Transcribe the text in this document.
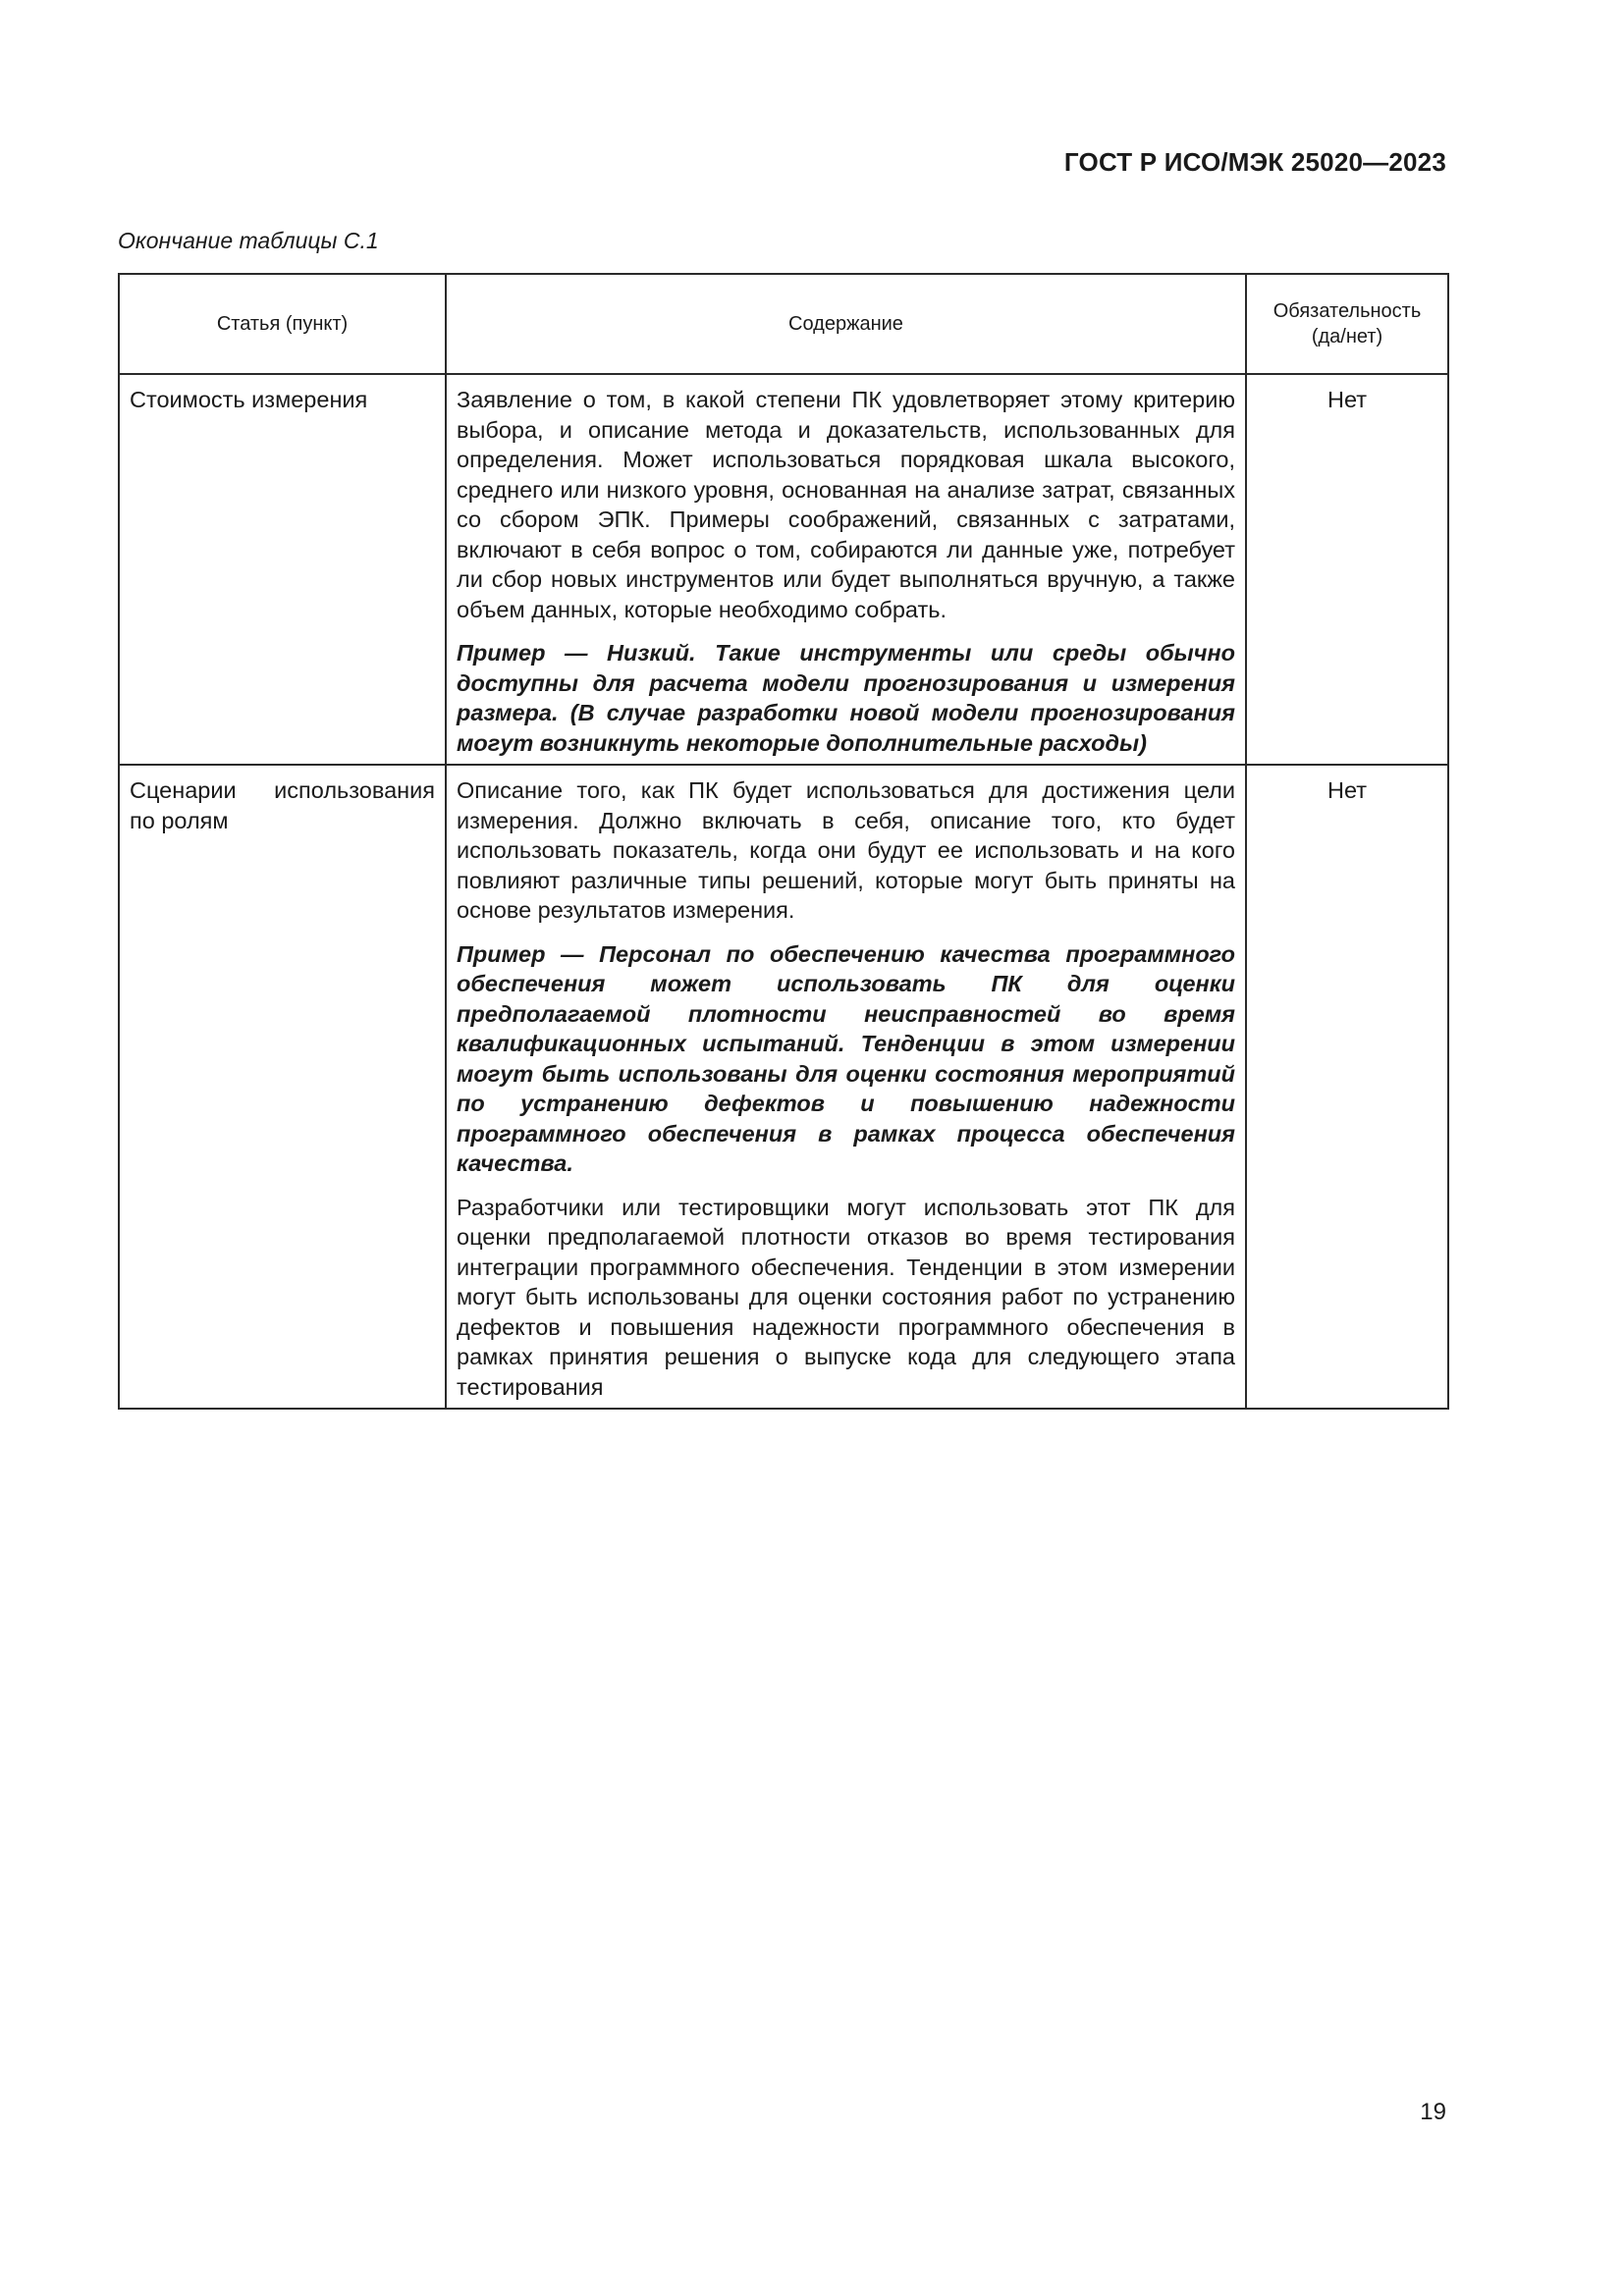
ГОСТ Р ИСО/МЭК 25020—2023
Окончание таблицы С.1
Статья (пункт)	Содержание	Обязательность (да/нет)
Стоимость измерения	Заявление о том, в какой степени ПК удовлетворяет этому критерию выбора, и описание метода и доказательств, использованных для определения. Может использоваться порядковая шкала высокого, среднего или низкого уровня, основанная на анализе затрат, связанных со сбором ЭПК. Примеры соображений, связанных с затратами, включают в себя вопрос о том, собираются ли данные уже, потребует ли сбор новых инструментов или будет выполняться вручную, а также объем данных, которые необходимо собрать.

Пример — Низкий. Такие инструменты или среды обычно доступны для расчета модели прогнозирования и измерения размера. (В случае разработки новой модели прогнозирования могут возникнуть некоторые дополнительные расходы)	Нет
Сценарии использования по ролям	Описание того, как ПК будет использоваться для достижения цели измерения. Должно включать в себя, описание того, кто будет использовать показатель, когда они будут ее использовать и на кого повлияют различные типы решений, которые могут быть приняты на основе результатов измерения.

Пример — Персонал по обеспечению качества программного обеспечения может использовать ПК для оценки предполагаемой плотности неисправностей во время квалификационных испытаний. Тенденции в этом измерении могут быть использованы для оценки состояния мероприятий по устранению дефектов и повышению надежности программного обеспечения в рамках процесса обеспечения качества.

Разработчики или тестировщики могут использовать этот ПК для оценки предполагаемой плотности отказов во время тестирования интеграции программного обеспечения. Тенденции в этом измерении могут быть использованы для оценки состояния работ по устранению дефектов и повышения надежности программного обеспечения в рамках принятия решения о выпуске кода для следующего этапа тестирования	Нет
19
